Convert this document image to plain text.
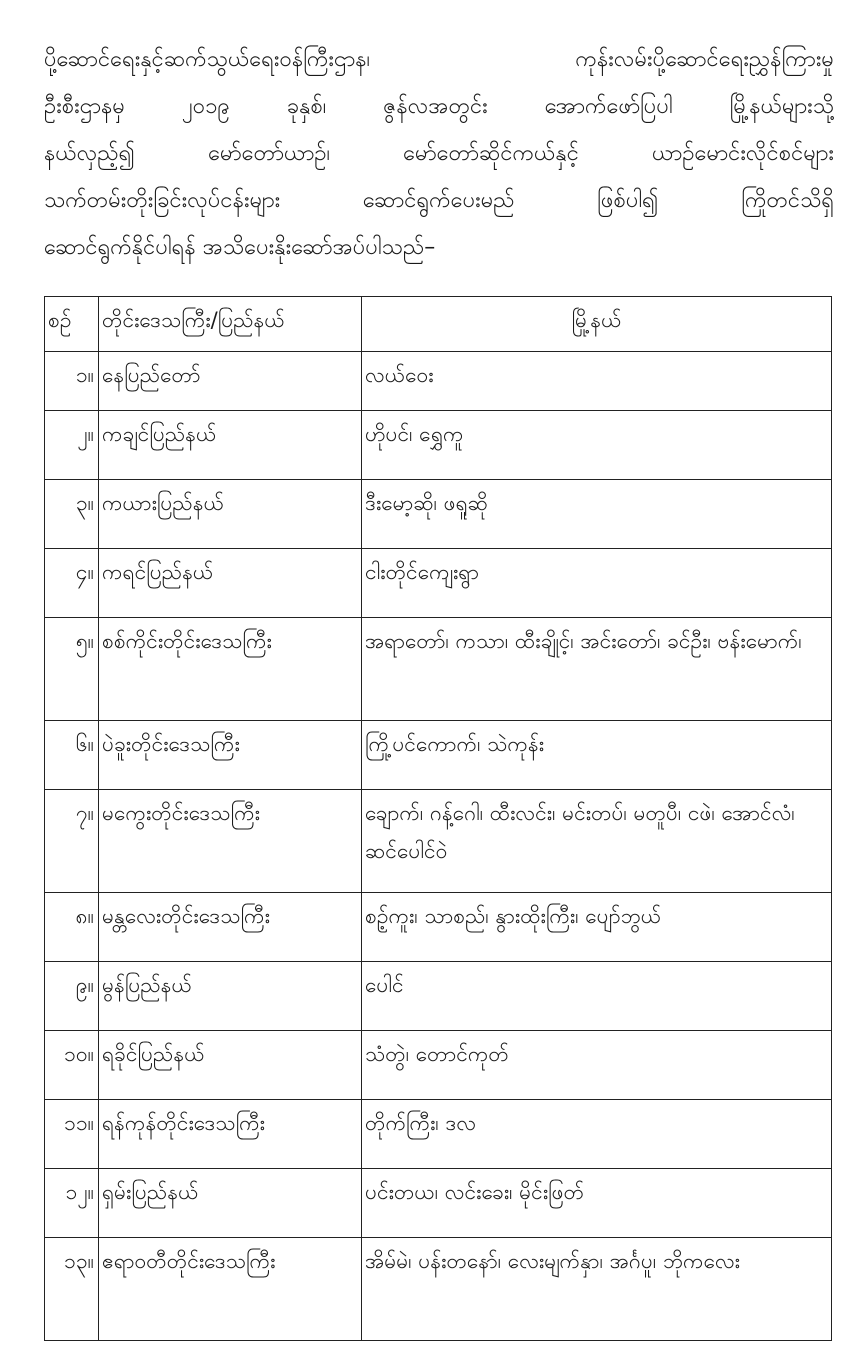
ပို့ဆောင်ရေးနှင့်ဆက်သွယ်ရေးဝန်ကြီးဌာန၊ ကုန်းလမ်းပို့ဆောင်ရေးညွှန်ကြားမှု
ဦးစီးဌာနမှ ၂၀၁၉ ခုနှစ်၊ ဇွန်လအတွင်း အောက်ဖော်ပြပါ မြို့နယ်များသို့
နယ်လှည့်၍ မော်တော်ယာဉ်၊ မော်တော်ဆိုင်ကယ်နှင့် ယာဉ်မောင်းလိုင်စင်များ
သက်တမ်းတိုးခြင်းလုပ်ငန်းများ ဆောင်ရွက်ပေးမည် ဖြစ်ပါ၍ ကြိုတင်သိရှိ
ဆောင်ရွက်နိုင်ပါရန် အသိပေးနိုးဆော်အပ်ပါသည်–
စဉ်	တိုင်းဒေသကြီး/ပြည်နယ်	မြို့နယ်
၁။	နေပြည်တော်	လယ်ဝေး
၂။	ကချင်ပြည်နယ်	ဟိုပင်၊ ရွှေကူ
၃။	ကယားပြည်နယ်	ဒီးမော့ဆို၊ ဖရူဆို
၄။	ကရင်ပြည်နယ်	ငါးတိုင်ကျေးရွာ
၅။	စစ်ကိုင်းတိုင်းဒေသကြီး	အရာတော်၊ ကသာ၊ ထီးချိုင့်၊ အင်းတော်၊ ခင်ဦး၊ ဗန်းမောက်၊
၆။	ပဲခူးတိုင်းဒေသကြီး	ကြို့ပင်ကောက်၊ သဲကုန်း
၇။	မကွေးတိုင်းဒေသကြီး	ချောက်၊ ဂန့်ဂေါ၊ ထီးလင်း၊ မင်းတပ်၊ မတူပီ၊ ငဖဲ၊ အောင်လံ၊ ဆင်ပေါင်ဝဲ
၈။	မန္တလေးတိုင်းဒေသကြီး	စဉ့်ကူး၊ သာစည်၊ နွားထိုးကြီး၊ ပျော်ဘွယ်
၉။	မွန်ပြည်နယ်	ပေါင်
၁၀။	ရခိုင်ပြည်နယ်	သံတွဲ၊ တောင်ကုတ်
၁၁။	ရန်ကုန်တိုင်းဒေသကြီး	တိုက်ကြီး၊ ဒလ
၁၂။	ရှမ်းပြည်နယ်	ပင်းတယ၊ လင်းခေး၊ မိုင်းဖြတ်
၁၃။	ဧရာဝတီတိုင်းဒေသကြီး	အိမ်မဲ၊ ပန်းတနော်၊ လေးမျက်နှာ၊ အင်္ဂပူ၊ ဘိုကလေး
